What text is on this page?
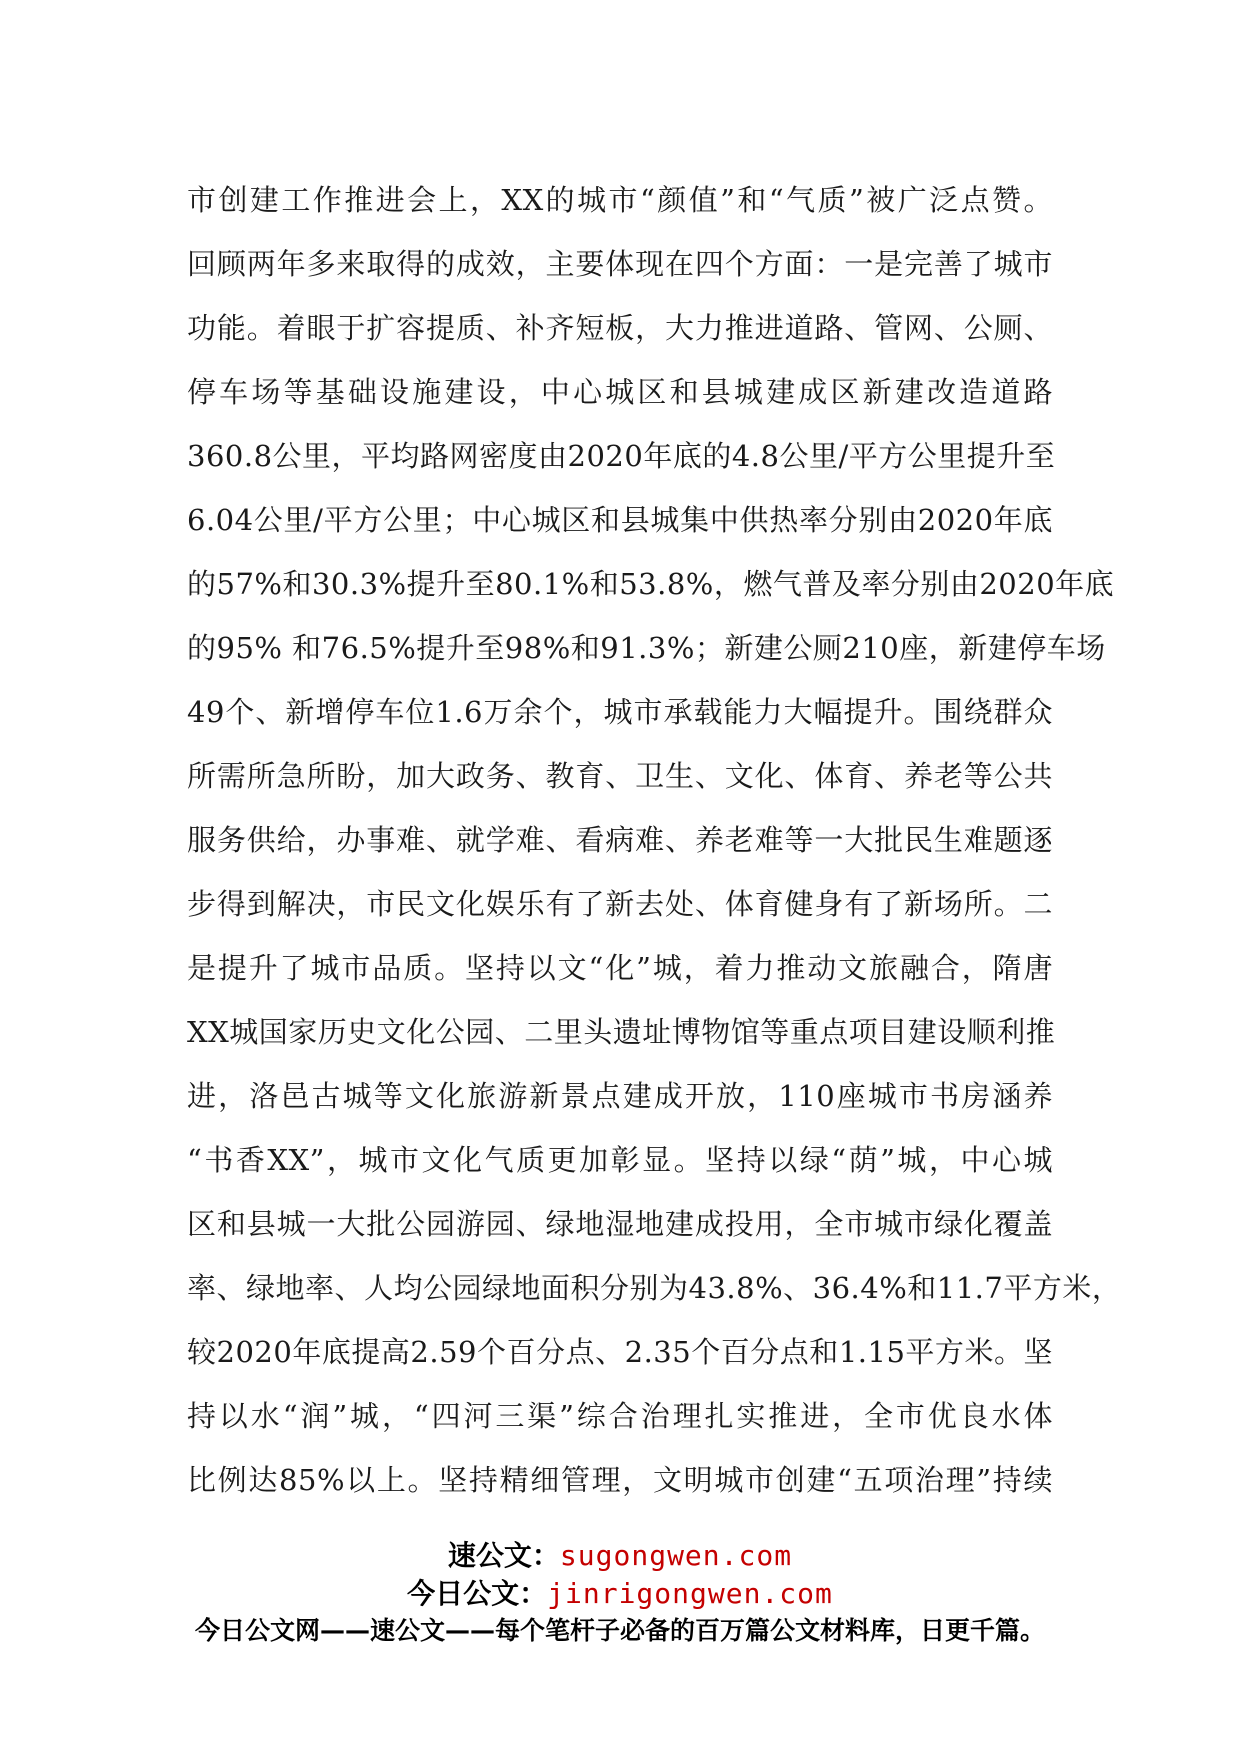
市创建工作推进会上，XX的城市“颜值”和“气质”被广泛点赞。
回顾两年多来取得的成效，主要体现在四个方面：一是完善了城市
功能。着眼于扩容提质、补齐短板，大力推进道路、管网、公厕、
停车场等基础设施建设，中心城区和县城建成区新建改造道路
360.8公里，平均路网密度由2020年底的4.8公里/平方公里提升至
6.04公里/平方公里；中心城区和县城集中供热率分别由2020年底
的57%和30.3%提升至80.1%和53.8%，燃气普及率分别由2020年底
的95% 和76.5%提升至98%和91.3%；新建公厕210座，新建停车场
49个、新增停车位1.6万余个，城市承载能力大幅提升。围绕群众
所需所急所盼，加大政务、教育、卫生、文化、体育、养老等公共
服务供给，办事难、就学难、看病难、养老难等一大批民生难题逐
步得到解决，市民文化娱乐有了新去处、体育健身有了新场所。二
是提升了城市品质。坚持以文“化”城，着力推动文旅融合，隋唐
XX城国家历史文化公园、二里头遗址博物馆等重点项目建设顺利推
进，洛邑古城等文化旅游新景点建成开放，110座城市书房涵养
“书香XX”，城市文化气质更加彰显。坚持以绿“荫”城，中心城
区和县城一大批公园游园、绿地湿地建成投用，全市城市绿化覆盖
率、绿地率、人均公园绿地面积分别为43.8%、36.4%和11.7平方米，
较2020年底提高2.59个百分点、2.35个百分点和1.15平方米。坚
持以水“润”城，“四河三渠”综合治理扎实推进，全市优良水体
比例达85%以上。坚持精细管理，文明城市创建“五项治理”持续
速公文：sugongwen.com
今日公文：jinrigongwen.com
今日公文网——速公文——每个笔杆子必备的百万篇公文材料库，日更千篇。
